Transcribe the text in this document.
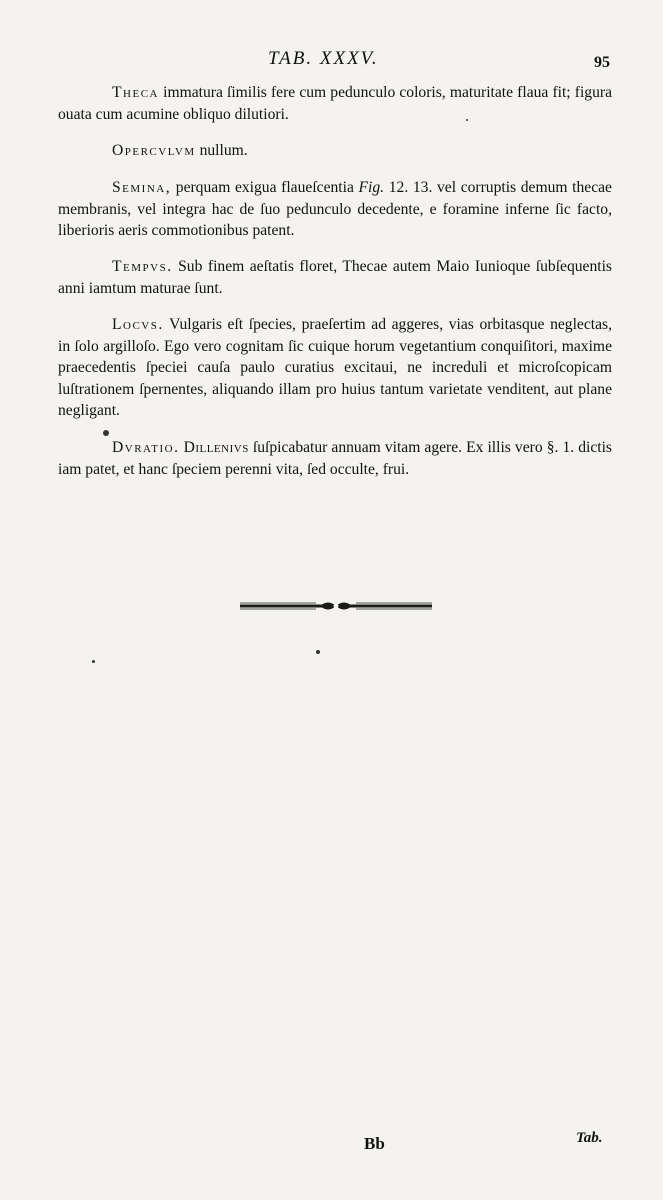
TAB. XXXV.	95
Theca immatura ſimilis fere cum pedunculo coloris, maturitate flaua fit; figura ouata cum acumine obliquo dilutiori.
Opercvlvm nullum.
Semina, perquam exigua flaueſcentia Fig. 12. 13. vel corruptis demum thecae membranis, vel integra hac de ſuo pedunculo decedente, e foramine inferne ſic facto, liberioris aeris commotionibus patent.
Tempvs. Sub finem aeſtatis floret, Thecae autem Maio Iunioque ſubſequentis anni iamtum maturae ſunt.
Locvs. Vulgaris eſt ſpecies, praeſertim ad aggeres, vias orbitasque neglectas, in ſolo argilloſo. Ego vero cognitam ſic cuique horum vegetantium conquiſitori, maxime praecedentis ſpeciei cauſa paulo curatius excitaui, ne increduli et microſcopicam luſtrationem ſpernentes, aliquando illam pro huius tantum varietate venditent, aut plane negligant.
Dvratio. Dillenivs ſuſpicabatur annuam vitam agere. Ex illis vero §. 1. dictis iam patet, et hanc ſpeciem perenni vita, ſed occulte, frui.
Bb	Tab.
